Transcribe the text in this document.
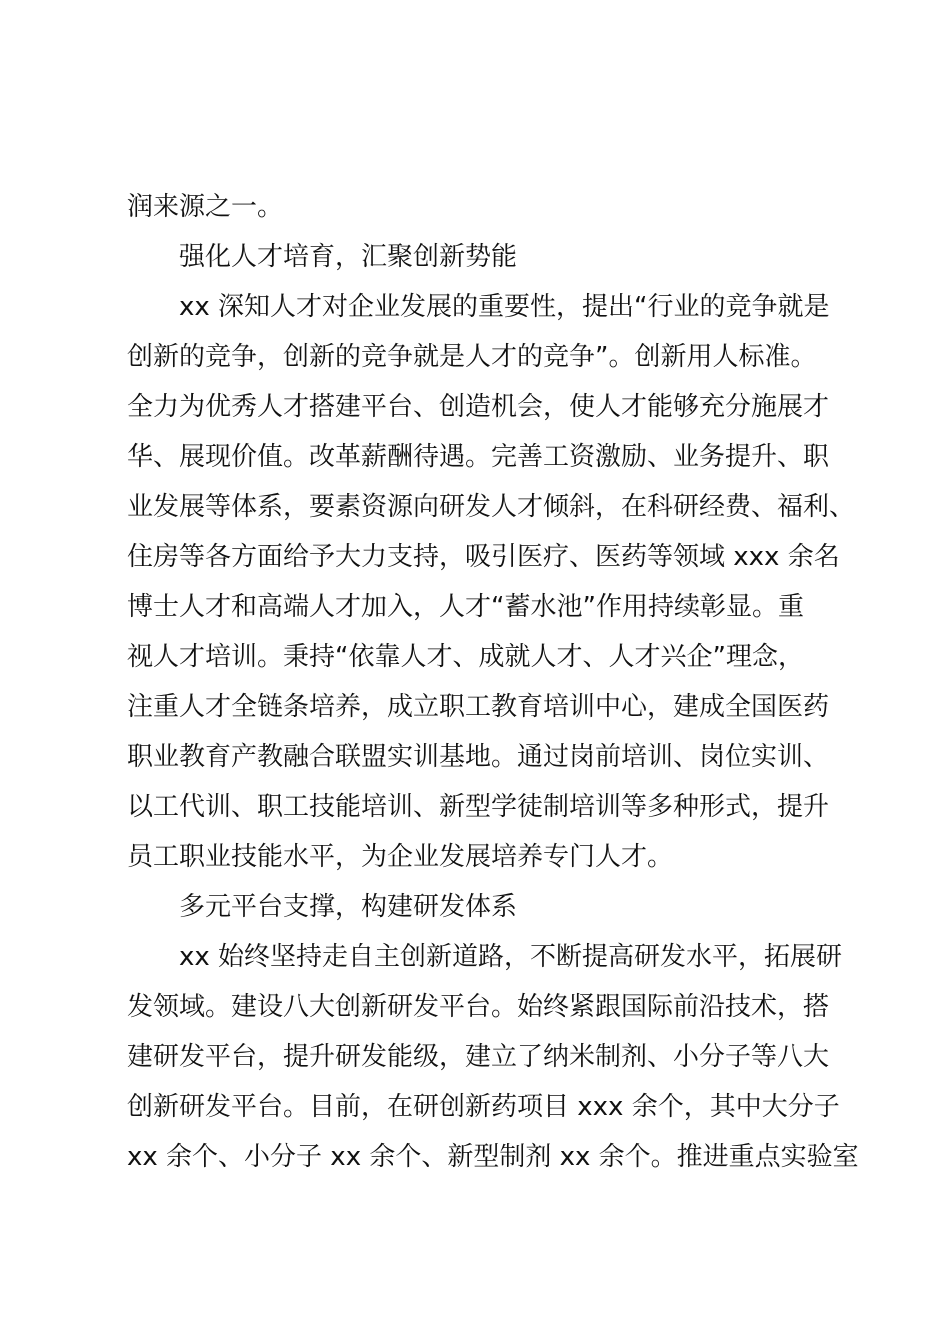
润来源之一。
强化人才培育，汇聚创新势能
xx 深知人才对企业发展的重要性，提出“行业的竞争就是
创新的竞争，创新的竞争就是人才的竞争”。创新用人标准。
全力为优秀人才搭建平台、创造机会，使人才能够充分施展才
华、展现价值。改革薪酬待遇。完善工资激励、业务提升、职
业发展等体系，要素资源向研发人才倾斜，在科研经费、福利、
住房等各方面给予大力支持，吸引医疗、医药等领域 xxx 余名
博士人才和高端人才加入，人才“蓄水池”作用持续彰显。重
视人才培训。秉持“依靠人才、成就人才、人才兴企”理念，
注重人才全链条培养，成立职工教育培训中心，建成全国医药
职业教育产教融合联盟实训基地。通过岗前培训、岗位实训、
以工代训、职工技能培训、新型学徒制培训等多种形式，提升
员工职业技能水平，为企业发展培养专门人才。
多元平台支撑，构建研发体系
xx 始终坚持走自主创新道路，不断提高研发水平，拓展研
发领域。建设八大创新研发平台。始终紧跟国际前沿技术，搭
建研发平台，提升研发能级，建立了纳米制剂、小分子等八大
创新研发平台。目前，在研创新药项目 xxx 余个，其中大分子
xx 余个、小分子 xx 余个、新型制剂 xx 余个。推进重点实验室
